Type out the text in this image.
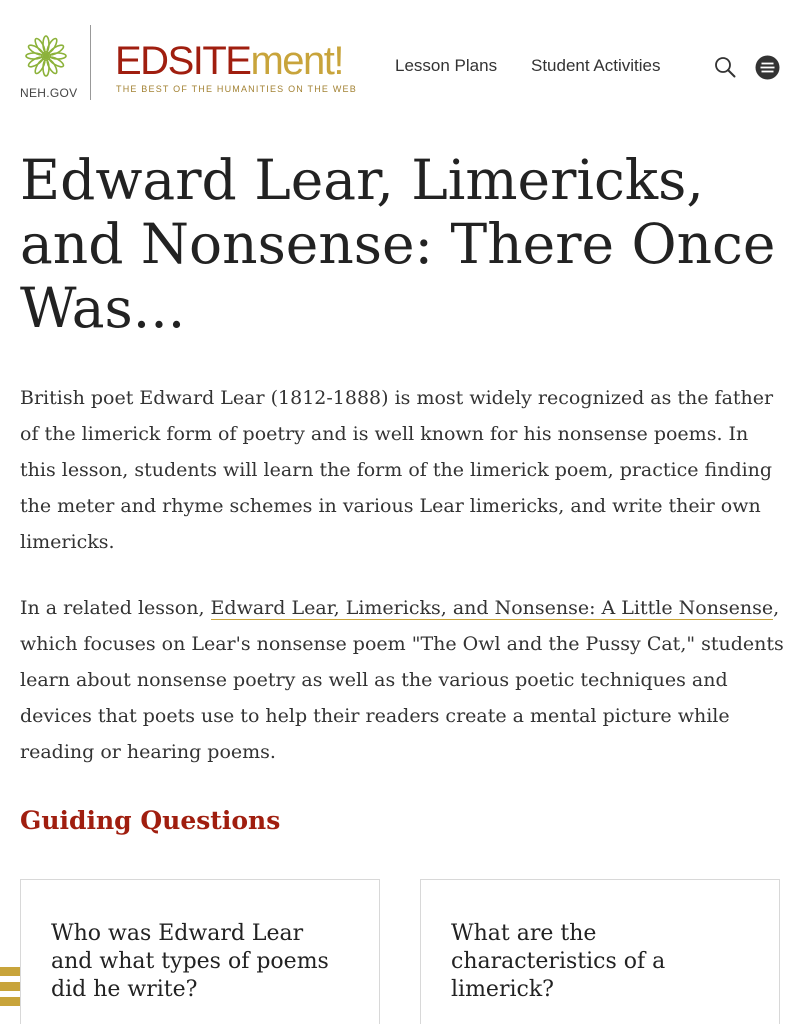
NEH.GOV
EDSITEment!
THE BEST OF THE HUMANITIES ON THE WEB
Lesson Plans Student Activities
Edward Lear, Limericks, and Nonsense: There Once Was...

British poet Edward Lear (1812-1888) is most widely recognized as the father of the limerick form of poetry and is well known for his nonsense poems. In this lesson, students will learn the form of the limerick poem, practice finding the meter and rhyme schemes in various Lear limericks, and write their own limericks.

In a related lesson, Edward Lear, Limericks, and Nonsense: A Little Nonsense, which focuses on Lear's nonsense poem "The Owl and the Pussy Cat," students learn about nonsense poetry as well as the various poetic techniques and devices that poets use to help their readers create a mental picture while reading or hearing poems.

Guiding Questions
Who was Edward Lear and what types of poems did he write?
What are the characteristics of a limerick?
